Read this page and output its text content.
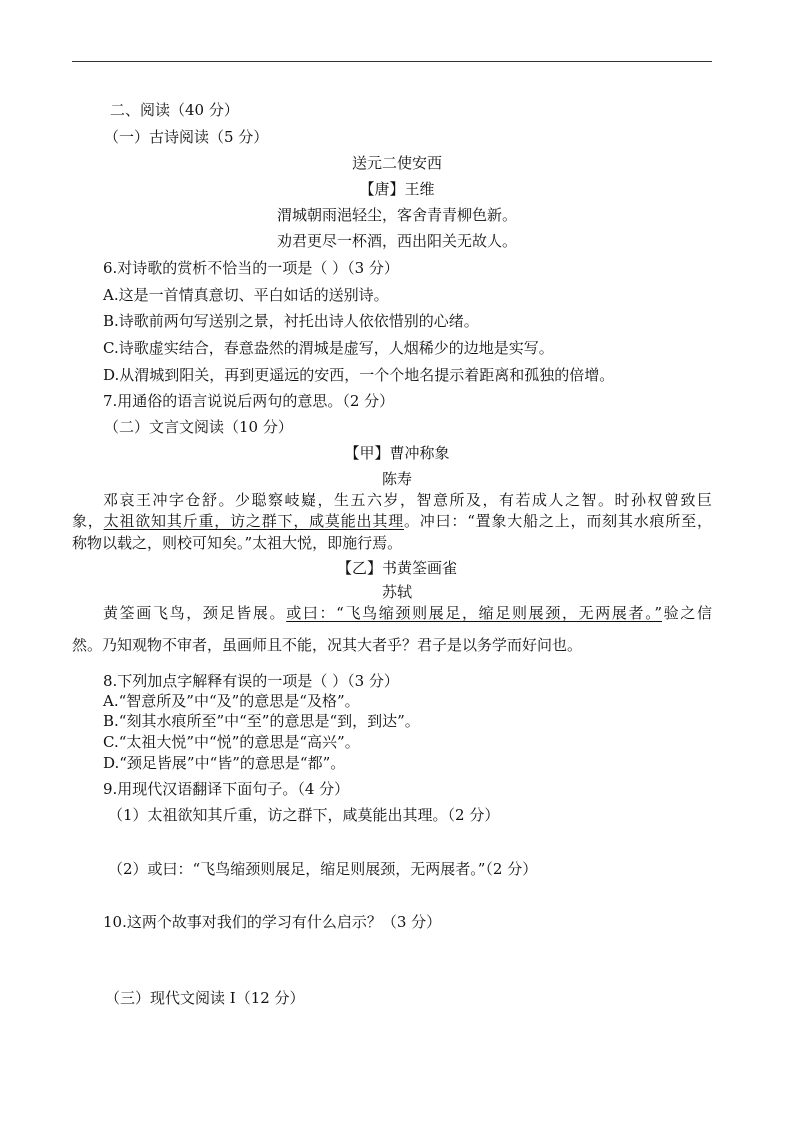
二、阅读（40 分）
（一）古诗阅读（5 分）
送元二使安西
【唐】王维
渭城朝雨浥轻尘，客舍青青柳色新。
劝君更尽一杯酒，西出阳关无故人。
6.对诗歌的赏析不恰当的一项是（ ）（3 分）
A.这是一首情真意切、平白如话的送别诗。
B.诗歌前两句写送别之景，衬托出诗人依依惜别的心绪。
C.诗歌虚实结合，春意盎然的渭城是虚写，人烟稀少的边地是实写。
D.从渭城到阳关，再到更遥远的安西，一个个地名提示着距离和孤独的倍增。
7.用通俗的语言说说后两句的意思。（2 分）
（二）文言文阅读（10 分）
【甲】曹冲称象
陈寿
邓哀王冲字仓舒。少聪察岐嶷，生五六岁，智意所及，有若成人之智。时孙权曾致巨
象，太祖欲知其斤重，访之群下，咸莫能出其理。冲曰：“置象大船之上，而刻其水痕所至，
称物以载之，则校可知矣。”太祖大悦，即施行焉。
【乙】书黄筌画雀
苏轼
黄筌画飞鸟，颈足皆展。或曰：“飞鸟缩颈则展足，缩足则展颈，无两展者。”验之信
然。乃知观物不审者，虽画师且不能，况其大者乎？君子是以务学而好问也。
8.下列加点字解释有误的一项是（ ）（3 分）
A.“智意所及”中“及”的意思是“及格”。
B.“刻其水痕所至”中“至”的意思是“到，到达”。
C.“太祖大悦”中“悦”的意思是“高兴”。
D.“颈足皆展”中“皆”的意思是“都”。
9.用现代汉语翻译下面句子。（4 分）
（1）太祖欲知其斤重，访之群下，咸莫能出其理。（2 分）
（2）或曰：“飞鸟缩颈则展足，缩足则展颈，无两展者。”（2 分）
10.这两个故事对我们的学习有什么启示？（3 分）
（三）现代文阅读 I（12 分）
